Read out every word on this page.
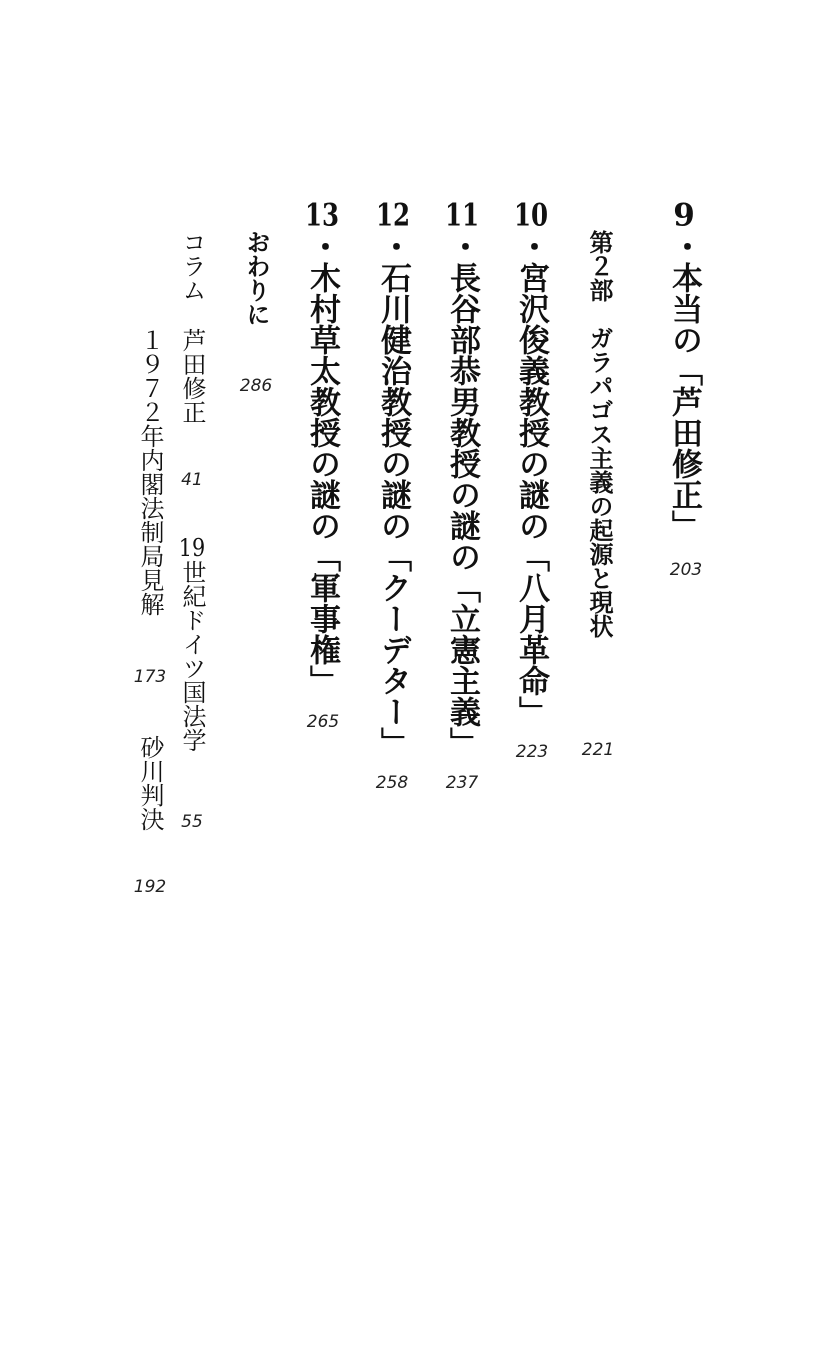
9・本当の「芦田修正」
203
第２部　ガラパゴス主義の起源と現状
221
10・宮沢俊義教授の謎の「八月革命」
223
11・長谷部恭男教授の謎の「立憲主義」
237
12・石川健治教授の謎の「クーデター」
258
13・木村草太教授の謎の「軍事権」
265
おわりに
286
コラム
芦田修正
41
19世紀ドイツ国法学
55
１９７２年内閣法制局見解
173
砂川判決
192
